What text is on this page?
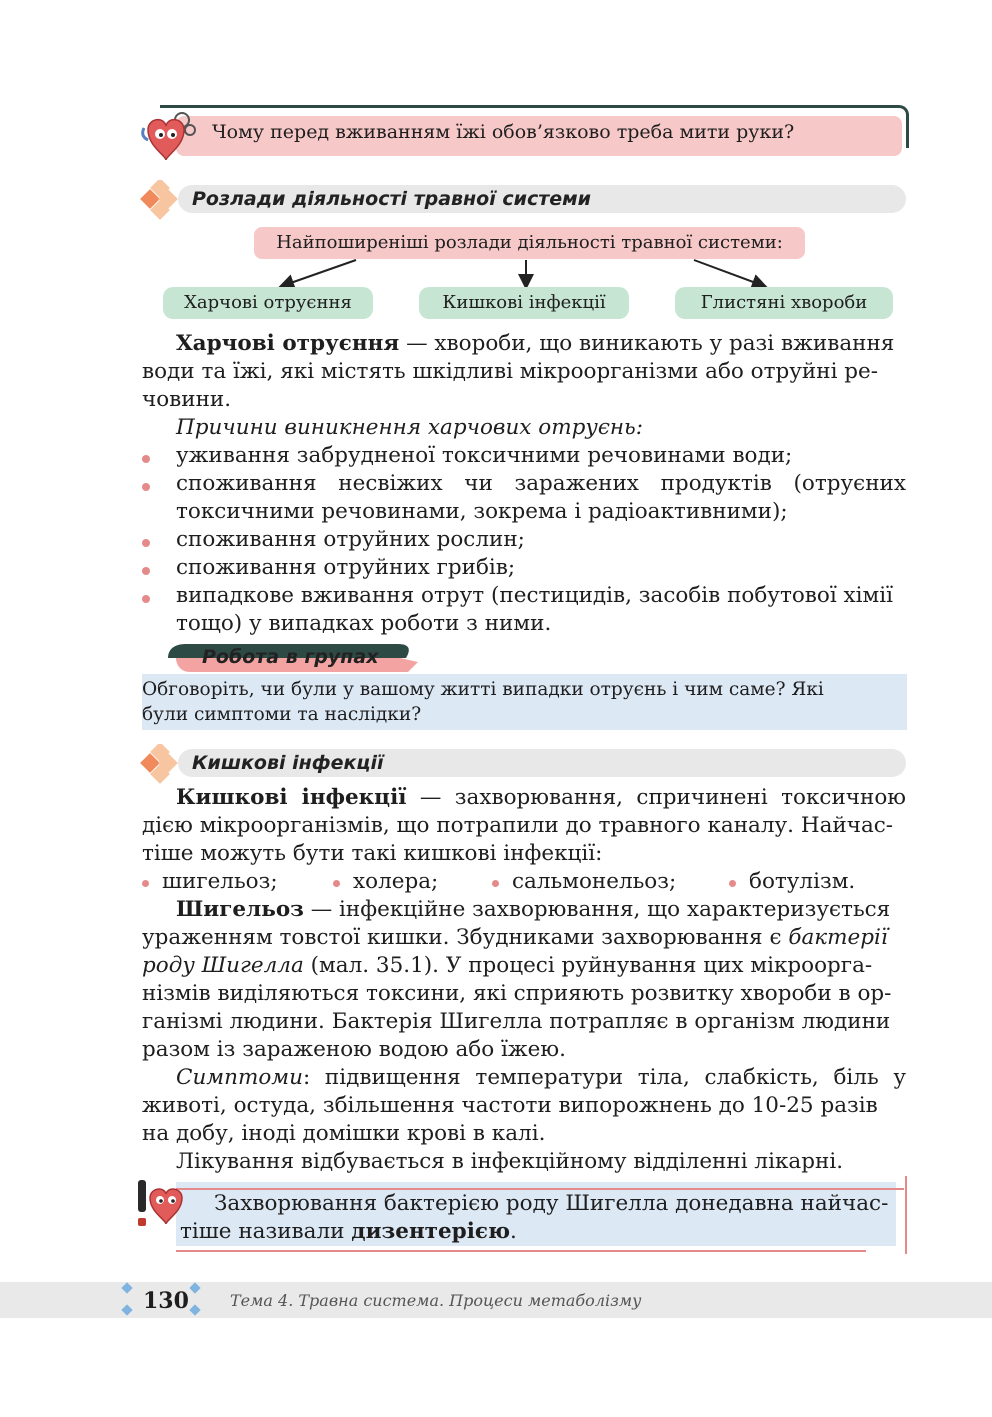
Чому перед вживанням їжі обов’язково треба мити руки?
Розлади діяльності травної системи
Найпоширеніші розлади діяльності травної системи:
Харчові отруєння	Кишкові інфекції	Глистяні хвороби
Харчові отруєння — хвороби, що виникають у разі вживання
води та їжі, які містять шкідливі мікроорганізми або отруйні ре-
човини.
Причини виникнення харчових отруєнь:
уживання забрудненої токсичними речовинами води;
споживання несвіжих чи заражених продуктів (отруєних
токсичними речовинами, зокрема і радіоактивними);
споживання отруйних рослин;
споживання отруйних грибів;
випадкове вживання отрут (пестицидів, засобів побутової хімії
тощо) у випадках роботи з ними.
Робота в групах
Обговоріть, чи були у вашому житті випадки отруєнь і чим саме? Які
були симптоми та наслідки?
Кишкові інфекції
Кишкові інфекції — захворювання, спричинені токсичною
дією мікроорганізмів, що потрапили до травного каналу. Найчас-
тіше можуть бути такі кишкові інфекції:
шигельоз;	холера;	сальмонельоз;	ботулізм.
Шигельоз — інфекційне захворювання, що характеризується
ураженням товстої кишки. Збудниками захворювання є бактерії
роду Шигелла (мал. 35.1). У процесі руйнування цих мікроорга-
нізмів виділяються токсини, які сприяють розвитку хвороби в ор-
ганізмі людини. Бактерія Шигелла потрапляє в організм людини
разом із зараженою водою або їжею.
Симптоми: підвищення температури тіла, слабкість, біль у
животі, остуда, збільшення частоти випорожнень до 10-25 разів
на добу, іноді домішки крові в калі.
Лікування відбувається в інфекційному відділенні лікарні.
Захворювання бактерією роду Шигелла донедавна найчас-
тіше називали дизентерією.
130	Тема 4. Травна система. Процеси метаболізму
